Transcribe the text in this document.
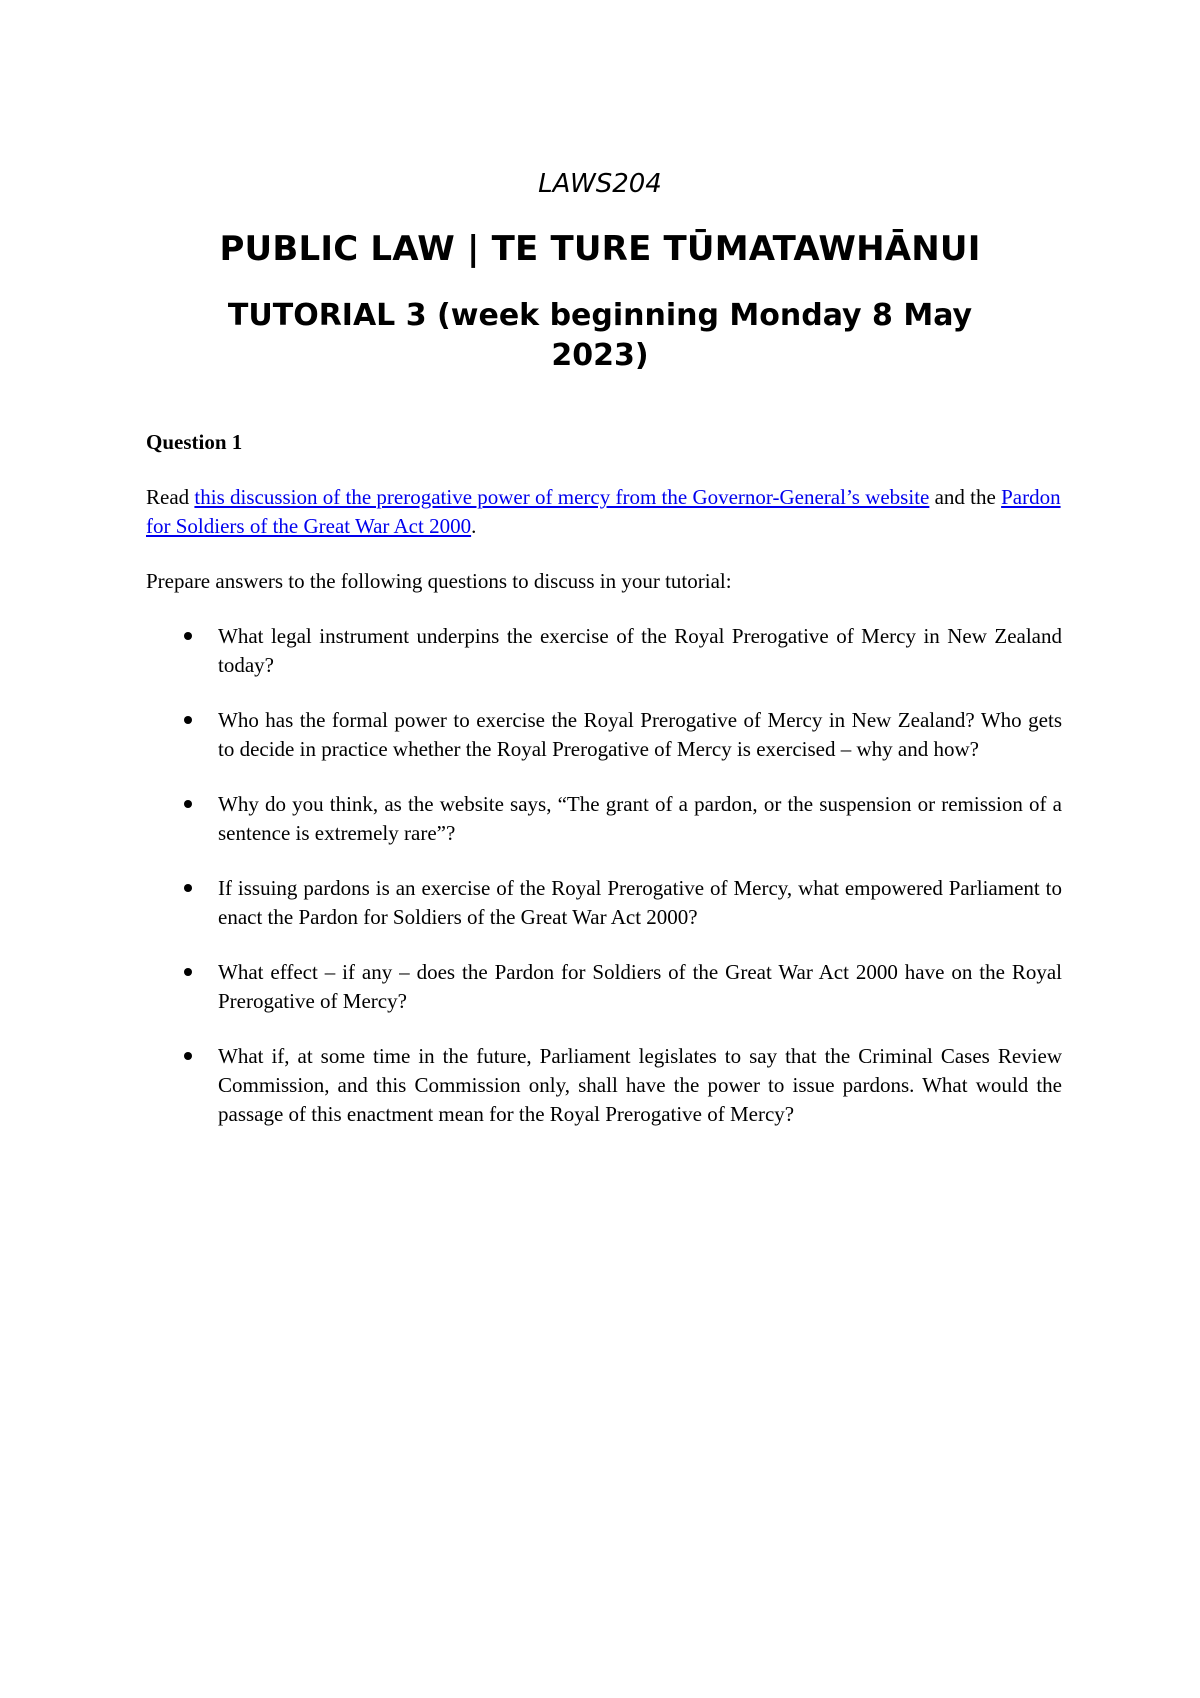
LAWS204
PUBLIC LAW | TE TURE TŪMATAWHĀNUI
TUTORIAL 3 (week beginning Monday 8 May 2023)

Question 1

Read this discussion of the prerogative power of mercy from the Governor-General’s website and the Pardon for Soldiers of the Great War Act 2000.

Prepare answers to the following questions to discuss in your tutorial:

What legal instrument underpins the exercise of the Royal Prerogative of Mercy in New Zealand today?
Who has the formal power to exercise the Royal Prerogative of Mercy in New Zealand? Who gets to decide in practice whether the Royal Prerogative of Mercy is exercised – why and how?
Why do you think, as the website says, “The grant of a pardon, or the suspension or remission of a sentence is extremely rare”?
If issuing pardons is an exercise of the Royal Prerogative of Mercy, what empowered Parliament to enact the Pardon for Soldiers of the Great War Act 2000?
What effect – if any – does the Pardon for Soldiers of the Great War Act 2000 have on the Royal Prerogative of Mercy?
What if, at some time in the future, Parliament legislates to say that the Criminal Cases Review Commission, and this Commission only, shall have the power to issue pardons. What would the passage of this enactment mean for the Royal Prerogative of Mercy?
